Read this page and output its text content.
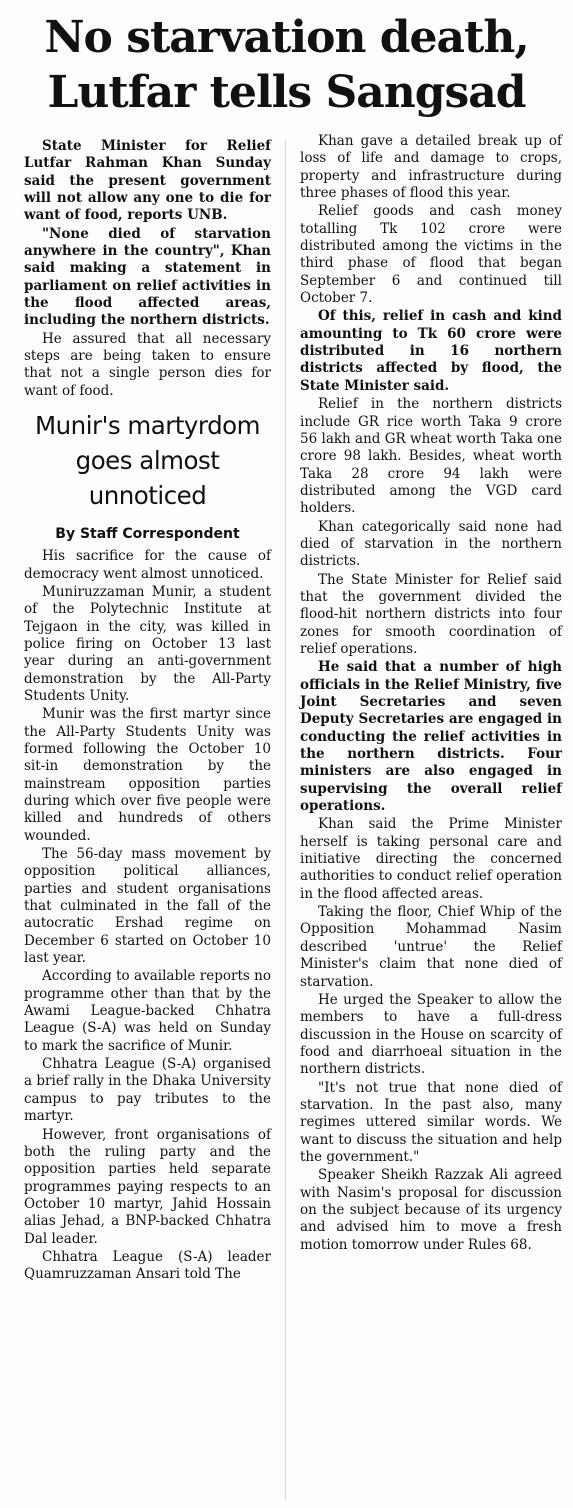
No starvation death, Lutfar tells Sangsad

State Minister for Relief Lutfar Rahman Khan Sunday said the present government will not allow any one to die for want of food, reports UNB.

"None died of starvation anywhere in the country", Khan said making a statement in parliament on relief activities in the flood affected areas, including the northern districts.

He assured that all necessary steps are being taken to ensure that not a single person dies for want of food.

Munir's martyrdom goes almost unnoticed
By Staff Correspondent

His sacrifice for the cause of democracy went almost unnoticed.

Muniruzzaman Munir, a student of the Polytechnic Institute at Tejgaon in the city, was killed in police firing on October 13 last year during an anti-government demonstration by the All-Party Students Unity.

Munir was the first martyr since the All-Party Students Unity was formed following the October 10 sit-in demonstration by the mainstream opposition parties during which over five people were killed and hundreds of others wounded.

The 56-day mass movement by opposition political alliances, parties and student organisations that culminated in the fall of the autocratic Ershad regime on December 6 started on October 10 last year.

According to available reports no programme other than that by the Awami League-backed Chhatra League (S-A) was held on Sunday to mark the sacrifice of Munir.

Chhatra League (S-A) organised a brief rally in the Dhaka University campus to pay tributes to the martyr.

However, front organisations of both the ruling party and the opposition parties held separate programmes paying respects to an October 10 martyr, Jahid Hossain alias Jehad, a BNP-backed Chhatra Dal leader.

Chhatra League (S-A) leader Quamruzzaman Ansari told The

Khan gave a detailed break up of loss of life and damage to crops, property and infrastructure during three phases of flood this year.

Relief goods and cash money totalling Tk 102 crore were distributed among the victims in the third phase of flood that began September 6 and continued till October 7.

Of this, relief in cash and kind amounting to Tk 60 crore were distributed in 16 northern districts affected by flood, the State Minister said.

Relief in the northern districts include GR rice worth Taka 9 crore 56 lakh and GR wheat worth Taka one crore 98 lakh. Besides, wheat worth Taka 28 crore 94 lakh were distributed among the VGD card holders.

Khan categorically said none had died of starvation in the northern districts.

The State Minister for Relief said that the government divided the flood-hit northern districts into four zones for smooth coordination of relief operations.

He said that a number of high officials in the Relief Ministry, five Joint Secretaries and seven Deputy Secretaries are engaged in conducting the relief activities in the northern districts. Four ministers are also engaged in supervising the overall relief operations.

Khan said the Prime Minister herself is taking personal care and initiative directing the concerned authorities to conduct relief operation in the flood affected areas.

Taking the floor, Chief Whip of the Opposition Mohammad Nasim described 'untrue' the Relief Minister's claim that none died of starvation.

He urged the Speaker to allow the members to have a full-dress discussion in the House on scarcity of food and diarrhoeal situation in the northern districts.

"It's not true that none died of starvation. In the past also, many regimes uttered similar words. We want to discuss the situation and help the government."

Speaker Sheikh Razzak Ali agreed with Nasim's proposal for discussion on the subject because of its urgency and advised him to move a fresh motion tomorrow under Rules 68.
